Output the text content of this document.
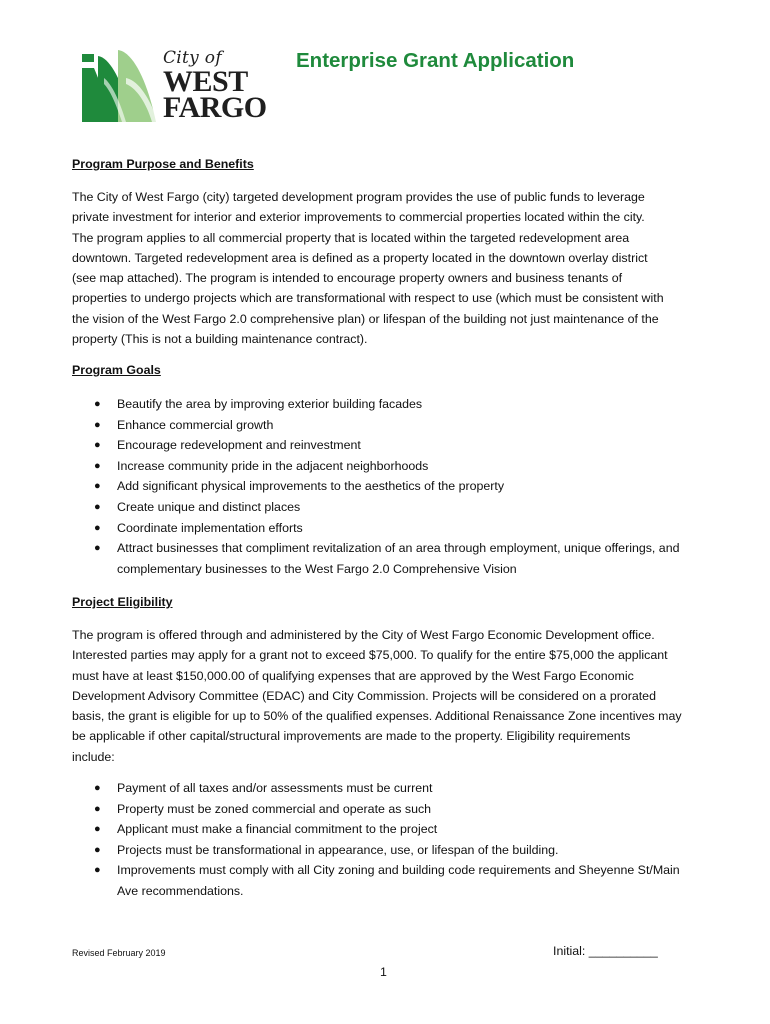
City of
WEST
FARGO
Enterprise Grant Application
Program Purpose and Benefits
The City of West Fargo (city) targeted development program provides the use of public funds to leverage
private investment for interior and exterior improvements to commercial properties located within the city.
The program applies to all commercial property that is located within the targeted redevelopment area
downtown. Targeted redevelopment area is defined as a property located in the downtown overlay district
(see map attached). The program is intended to encourage property owners and business tenants of
properties to undergo projects which are transformational with respect to use (which must be consistent with
the vision of the West Fargo 2.0 comprehensive plan) or lifespan of the building not just maintenance of the
property (This is not a building maintenance contract).
Program Goals
● Beautify the area by improving exterior building facades
● Enhance commercial growth
● Encourage redevelopment and reinvestment
● Increase community pride in the adjacent neighborhoods
● Add significant physical improvements to the aesthetics of the property
● Create unique and distinct places
● Coordinate implementation efforts
● Attract businesses that compliment revitalization of an area through employment, unique offerings, and
complementary businesses to the West Fargo 2.0 Comprehensive Vision
Project Eligibility
The program is offered through and administered by the City of West Fargo Economic Development office.
Interested parties may apply for a grant not to exceed $75,000. To qualify for the entire $75,000 the applicant
must have at least $150,000.00 of qualifying expenses that are approved by the West Fargo Economic
Development Advisory Committee (EDAC) and City Commission. Projects will be considered on a prorated
basis, the grant is eligible for up to 50% of the qualified expenses. Additional Renaissance Zone incentives may
be applicable if other capital/structural improvements are made to the property. Eligibility requirements
include:
● Payment of all taxes and/or assessments must be current
● Property must be zoned commercial and operate as such
● Applicant must make a financial commitment to the project
● Projects must be transformational in appearance, use, or lifespan of the building.
● Improvements must comply with all City zoning and building code requirements and Sheyenne St/Main
Ave recommendations.
Revised February 2019	Initial: __________
1
